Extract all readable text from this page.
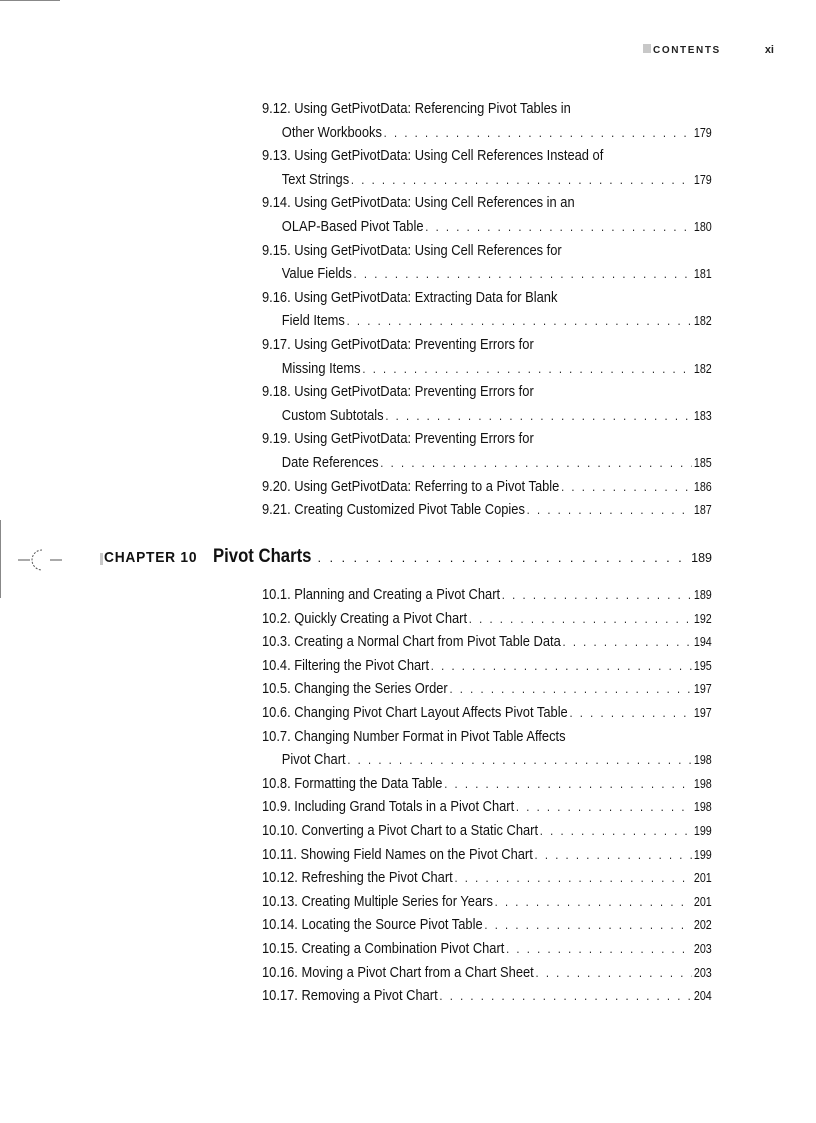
CONTENTS	xi
9.12. Using GetPivotData: Referencing Pivot Tables in
Other Workbooks . . .	179
9.13. Using GetPivotData: Using Cell References Instead of
Text Strings . . .	179
9.14. Using GetPivotData: Using Cell References in an
OLAP-Based Pivot Table . . .	180
9.15. Using GetPivotData: Using Cell References for
Value Fields . . .	181
9.16. Using GetPivotData: Extracting Data for Blank
Field Items . . .	182
9.17. Using GetPivotData: Preventing Errors for
Missing Items . . .	182
9.18. Using GetPivotData: Preventing Errors for
Custom Subtotals . . .	183
9.19. Using GetPivotData: Preventing Errors for
Date References . . .	185
9.20. Using GetPivotData: Referring to a Pivot Table . . .	186
9.21. Creating Customized Pivot Table Copies . . .	187
CHAPTER 10 Pivot Charts . . .	189
10.1. Planning and Creating a Pivot Chart . . .	189
10.2. Quickly Creating a Pivot Chart . . .	192
10.3. Creating a Normal Chart from Pivot Table Data . . .	194
10.4. Filtering the Pivot Chart . . .	195
10.5. Changing the Series Order . . .	197
10.6. Changing Pivot Chart Layout Affects Pivot Table . . .	197
10.7. Changing Number Format in Pivot Table Affects
Pivot Chart . . .	198
10.8. Formatting the Data Table . . .	198
10.9. Including Grand Totals in a Pivot Chart . . .	198
10.10. Converting a Pivot Chart to a Static Chart . . .	199
10.11. Showing Field Names on the Pivot Chart . . .	199
10.12. Refreshing the Pivot Chart . . .	201
10.13. Creating Multiple Series for Years . . .	201
10.14. Locating the Source Pivot Table . . .	202
10.15. Creating a Combination Pivot Chart . . .	203
10.16. Moving a Pivot Chart from a Chart Sheet . . .	203
10.17. Removing a Pivot Chart . . .	204
